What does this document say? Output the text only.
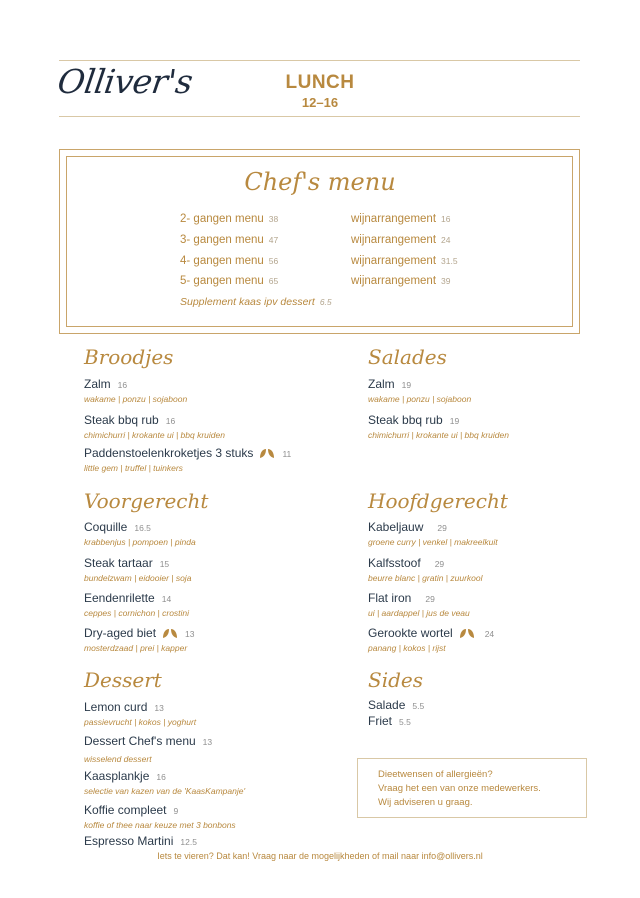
Olliver's	LUNCH
12–16
Chef's menu
2- gangen menu 38	wijnarrangement 16
3- gangen menu 47	wijnarrangement 24
4- gangen menu 56	wijnarrangement 31.5
5- gangen menu 65	wijnarrangement 39
Supplement kaas ipv dessert 6.5
Broodjes
Zalm 16
wakame | ponzu | sojaboon
Steak bbq rub 16
chimichurri | krokante ui | bbq kruiden
Paddenstoelenkroketjes 3 stuks	11
little gem | truffel | tuinkers
Salades
Zalm 19
wakame | ponzu | sojaboon
Steak bbq rub 19
chimichurri | krokante ui | bbq kruiden
Voorgerecht
Coquille 16.5
krabbenjus | pompoen | pinda
Steak tartaar 15
bundelzwam | eidooier | soja
Eendenrilette 14
ceppes | cornichon | crostini
Dry-aged biet	13
mosterdzaad | prei | kapper
Hoofdgerecht
Kabeljauw 29
groene curry | venkel | makreelkuit
Kalfsstoof 29
beurre blanc | gratin | zuurkool
Flat iron 29
ui | aardappel | jus de veau
Gerookte wortel	24
panang | kokos | rijst
Dessert
Lemon curd 13
passievrucht | kokos | yoghurt
Dessert Chef's menu 13
wisselend dessert
Kaasplankje 16
selectie van kazen van de 'KaasKampanje'
Koffie compleet 9
koffie of thee naar keuze met 3 bonbons
Espresso Martini 12.5
Sides
Salade 5.5
Friet 5.5
Dieetwensen of allergieën?
Vraag het een van onze medewerkers.
Wij adviseren u graag.
Iets te vieren? Dat kan! Vraag naar de mogelijkheden of mail naar info@ollivers.nl
